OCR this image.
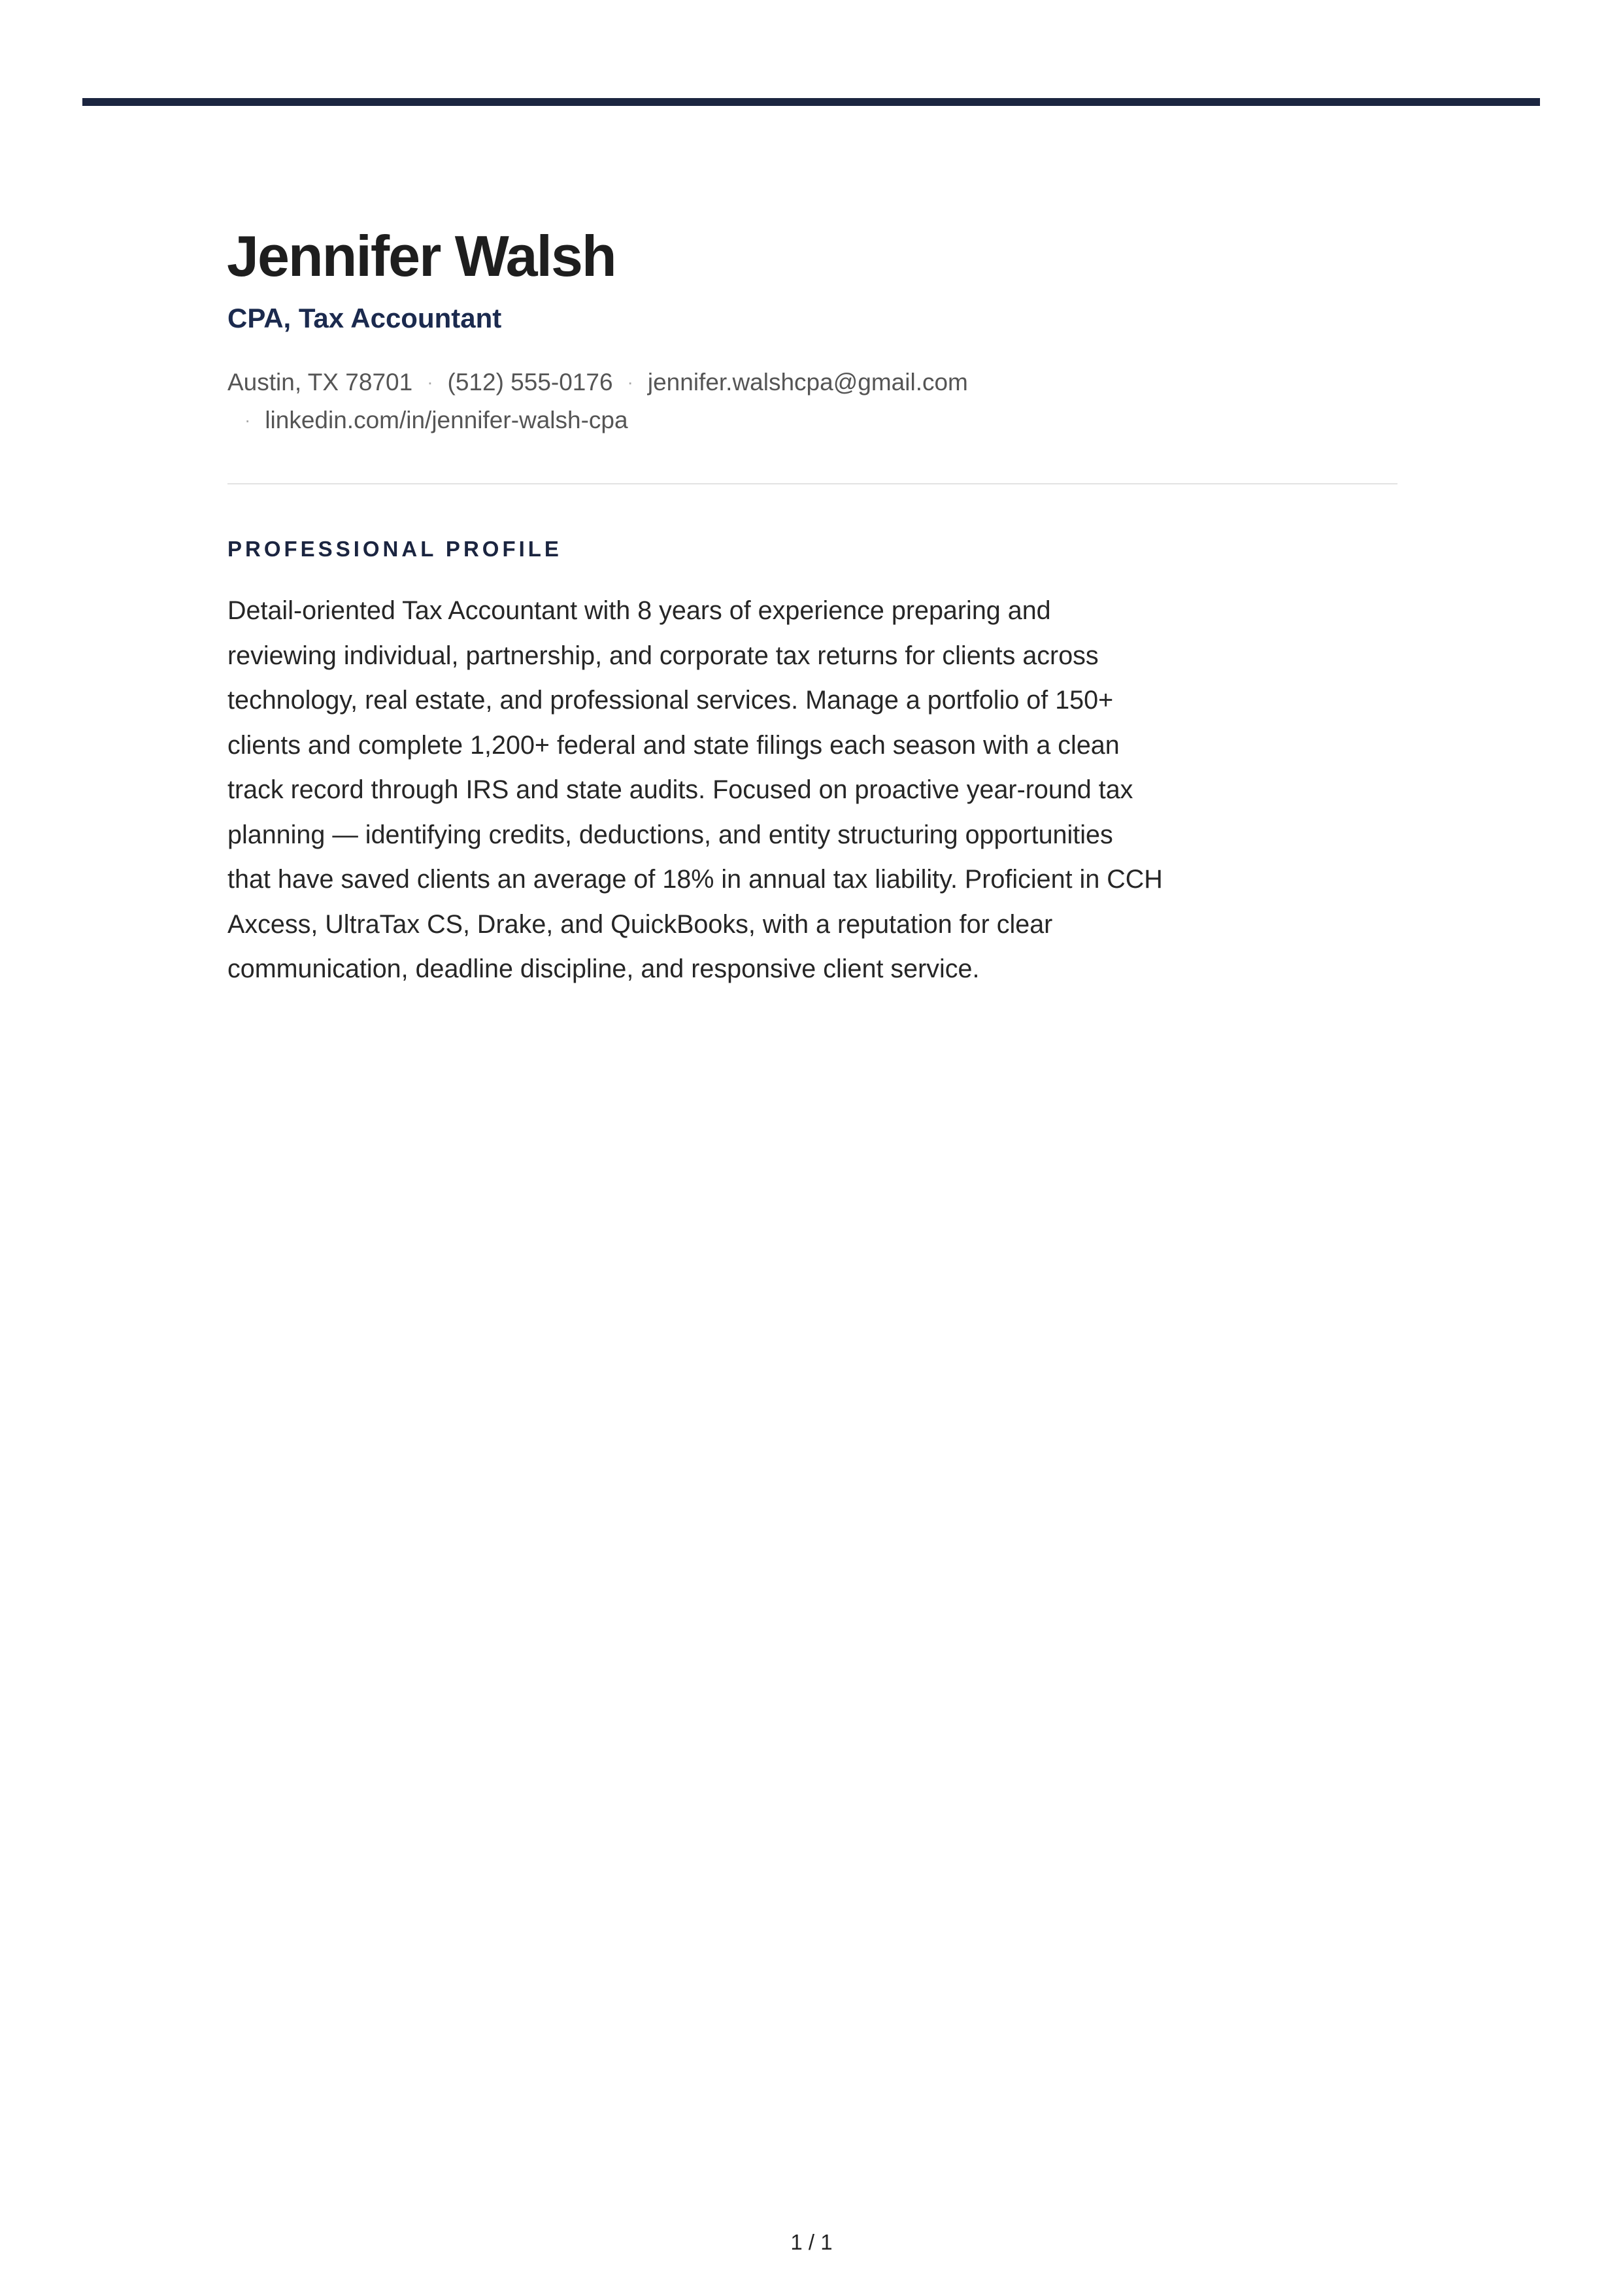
Jennifer Walsh
CPA, Tax Accountant
Austin, TX 78701 · (512) 555-0176 · jennifer.walshcpa@gmail.com
· linkedin.com/in/jennifer-walsh-cpa
PROFESSIONAL PROFILE

Detail-oriented Tax Accountant with 8 years of experience preparing and
reviewing individual, partnership, and corporate tax returns for clients across
technology, real estate, and professional services. Manage a portfolio of 150+
clients and complete 1,200+ federal and state filings each season with a clean
track record through IRS and state audits. Focused on proactive year-round tax
planning — identifying credits, deductions, and entity structuring opportunities
that have saved clients an average of 18% in annual tax liability. Proficient in CCH
Axcess, UltraTax CS, Drake, and QuickBooks, with a reputation for clear
communication, deadline discipline, and responsive client service.

1 / 1
